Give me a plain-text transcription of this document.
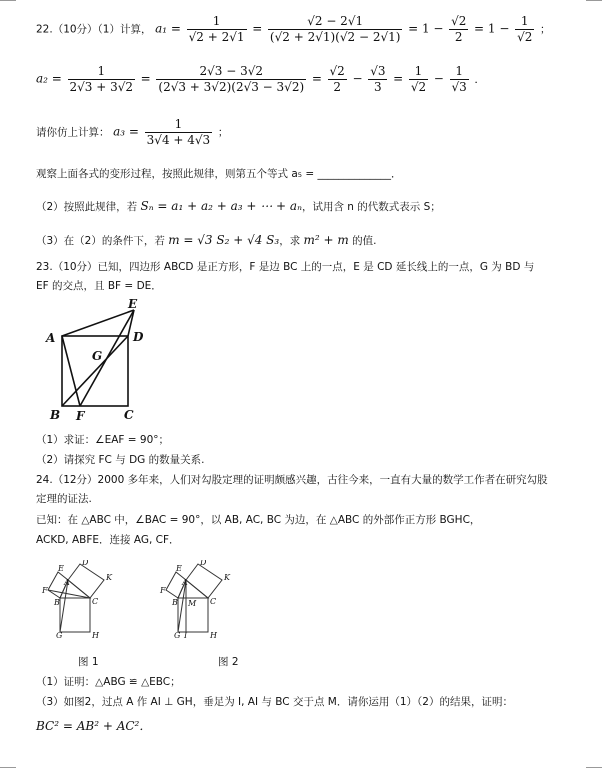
22.（10分）（1）计算， $a_1 = \frac{1}{√2 + 2√1} = \frac{√2 - 2√1}{(√2 + 2√1)(√2 - 2√1)} = 1 - \frac{√2}{2} = 1 - \frac{1}{√2}$ ；
$a_2 = \frac{1}{2√3 + 3√2} = \frac{2√3 - 3√2}{(2√3 + 3√2)(2√3 - 3√2)} = \frac{√2}{2} - \frac{√3}{3} = \frac{1}{√2} - \frac{1}{√3}$ ．
请你仿上计算： $a_3 = \frac{1}{3√4 + 4√3}$ ；
观察上面各式的变形过程，按照此规律，则第五个等式 a₅ = ______________．
（2）按照此规律，若 Sₙ = a₁ + a₂ + a₃ + ⋯ + aₙ，试用含 n 的代数式表示 S；
（3）在（2）的条件下，若 m = √3 S₂ + √4 S₃，求 m² + m 的值.
23.（10分）已知，四边形 ABCD 是正方形，F 是边 BC 上的一点，E 是 CD 延长线上的一点，G 为 BD 与
EF 的交点，且 BF = DE．
E
A	D
G
B F	C
（1）求证：∠EAF = 90°；
（2）请探究 FC 与 DG 的数量关系.
24.（12分）2000 多年来，人们对勾股定理的证明颇感兴趣，古往今来，一直有大量的数学工作者在研究勾股
定理的证法.
已知：在 △ABC 中，∠BAC = 90°，以 AB, AC, BC 为边，在 △ABC 的外部作正方形 BGHC，
ACKD, ABFE．连接 AG, CF．
D
E
A
K
F
B	C
G	H
图 1
D
E
A
K
F
B M C
G I	H
图 2
（1）证明：△ABG ≌ △EBC；
（3）如图2，过点 A 作 AI ⊥ GH，垂足为 I, AI 与 BC 交于点 M．请你运用（1）（2）的结果，证明：
BC² = AB² + AC²．
